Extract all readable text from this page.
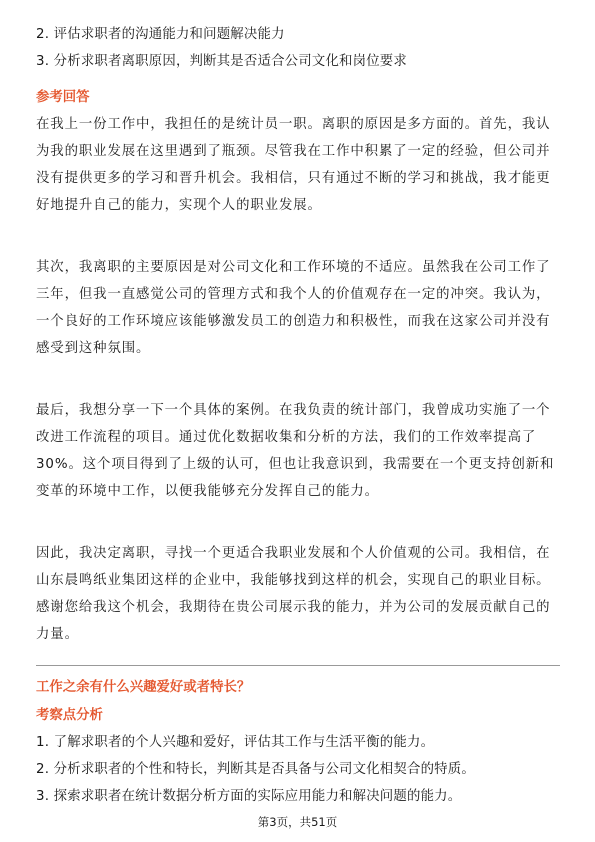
2. 评估求职者的沟通能力和问题解决能力
3. 分析求职者离职原因，判断其是否适合公司文化和岗位要求
参考回答
在我上一份工作中，我担任的是统计员一职。离职的原因是多方面的。首先，我认
为我的职业发展在这里遇到了瓶颈。尽管我在工作中积累了一定的经验，但公司并
没有提供更多的学习和晋升机会。我相信，只有通过不断的学习和挑战，我才能更
好地提升自己的能力，实现个人的职业发展。
其次，我离职的主要原因是对公司文化和工作环境的不适应。虽然我在公司工作了
三年，但我一直感觉公司的管理方式和我个人的价值观存在一定的冲突。我认为，
一个良好的工作环境应该能够激发员工的创造力和积极性，而我在这家公司并没有
感受到这种氛围。
最后，我想分享一下一个具体的案例。在我负责的统计部门，我曾成功实施了一个
改进工作流程的项目。通过优化数据收集和分析的方法，我们的工作效率提高了
30%。这个项目得到了上级的认可，但也让我意识到，我需要在一个更支持创新和
变革的环境中工作，以便我能够充分发挥自己的能力。
因此，我决定离职，寻找一个更适合我职业发展和个人价值观的公司。我相信，在
山东晨鸣纸业集团这样的企业中，我能够找到这样的机会，实现自己的职业目标。
感谢您给我这个机会，我期待在贵公司展示我的能力，并为公司的发展贡献自己的
力量。
工作之余有什么兴趣爱好或者特长？
考察点分析
1. 了解求职者的个人兴趣和爱好，评估其工作与生活平衡的能力。
2. 分析求职者的个性和特长，判断其是否具备与公司文化相契合的特质。
3. 探索求职者在统计数据分析方面的实际应用能力和解决问题的能力。
第3页，共51页
